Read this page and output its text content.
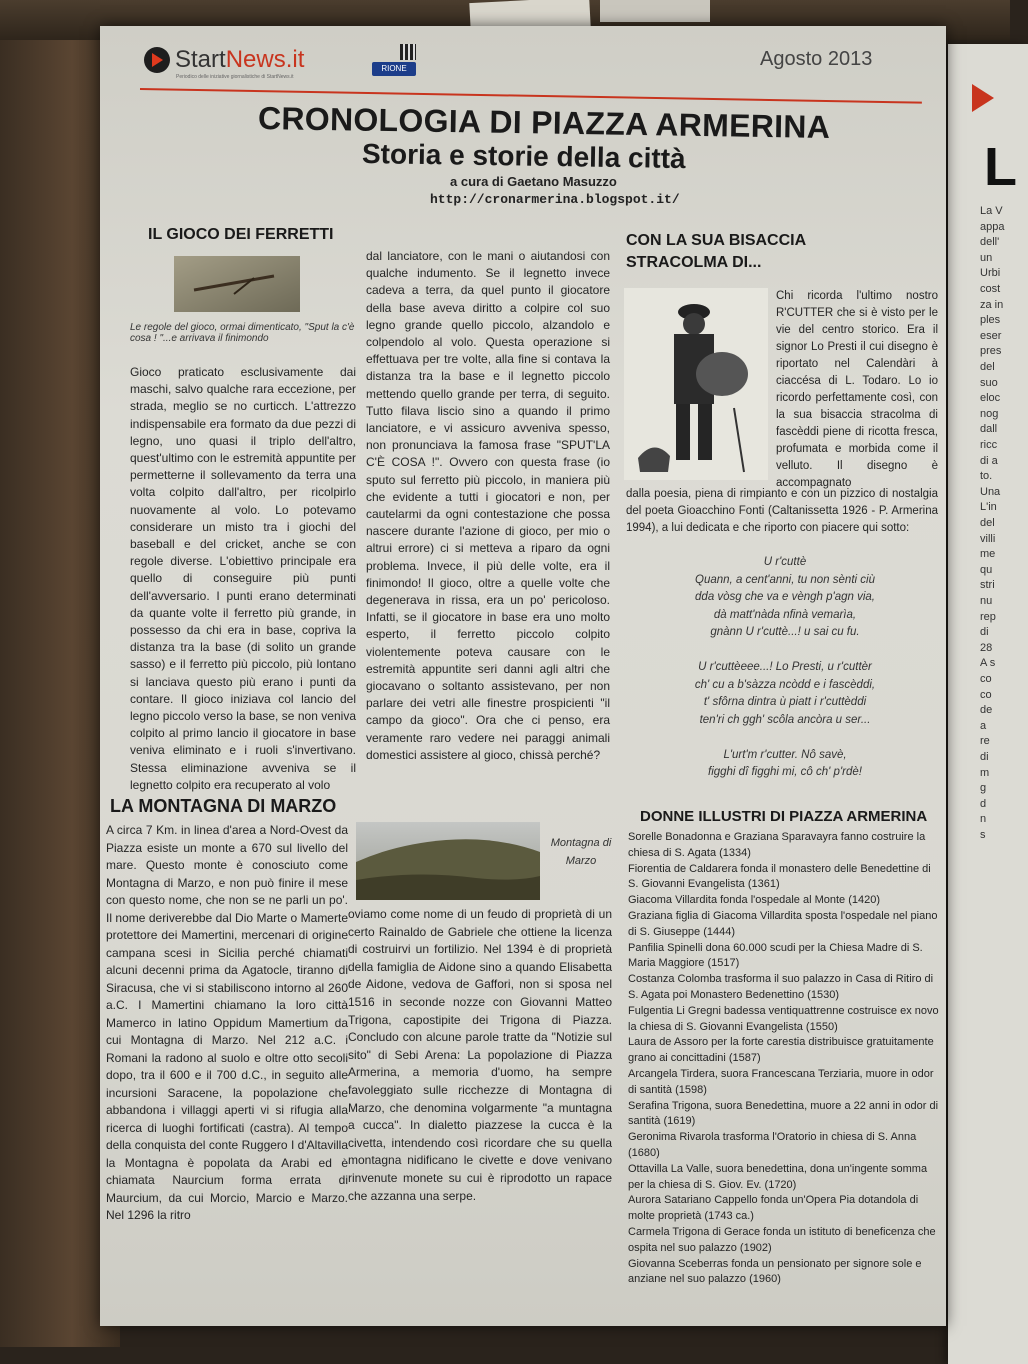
L
La V
appa
dell'
un
Urbi
cost
za in
ples
eser
pres
del
suo
eloc
nog
dall
ricc
di a
to.
Una
L'in
del
villi
me
qu
stri
nu
rep
di
28
A s
co
co
de
a
re
di
m
g
d
n
s
StartNews.it
Periodico delle iniziative giornalistiche di StartNews.it
RIONE	Agosto 2013
CRONOLOGIA DI PIAZZA ARMERINA
Storia e storie della città
a cura di Gaetano Masuzzo
http://cronarmerina.blogspot.it/
IL GIOCO DEI FERRETTI
Le regole del gioco, ormai dimenticato, "Sput la c'è cosa ! "...e arrivava il finimondo
Gioco praticato esclusivamente dai maschi, salvo qualche rara eccezione, per strada, meglio se no curticch. L'attrezzo indispensabile era formato da due pezzi di legno, uno quasi il triplo dell'altro, quest'ultimo con le estremità appuntite per permetterne il sollevamento da terra una volta colpito dall'altro, per ricolpirlo nuovamente al volo. Lo potevamo considerare un misto tra i giochi del baseball e del cricket, anche se con regole diverse. L'obiettivo principale era quello di conseguire più punti dell'avversario. I punti erano determinati da quante volte il ferretto più grande, in possesso da chi era in base, copriva la distanza tra la base (di solito un grande sasso) e il ferretto più piccolo, più lontano si lanciava questo più erano i punti da contare. Il gioco iniziava col lancio del legno piccolo verso la base, se non veniva colpito al primo lancio il giocatore in base veniva eliminato e i ruoli s'invertivano. Stessa eliminazione avveniva se il legnetto colpito era recuperato al volo
dal lanciatore, con le mani o aiutandosi con qualche indumento. Se il legnetto invece cadeva a terra, da quel punto il giocatore della base aveva diritto a colpire col suo legno grande quello piccolo, alzandolo e colpendolo al volo. Questa operazione si effettuava per tre volte, alla fine si contava la distanza tra la base e il legnetto piccolo mettendo quello grande per terra, di seguito. Tutto filava liscio sino a quando il primo lanciatore, e vi assicuro avveniva spesso, non pronunciava la famosa frase "SPUT'LA C'È COSA !". Ovvero con questa frase (io sputo sul ferretto più piccolo, in maniera più che evidente a tutti i giocatori e non, per cautelarmi da ogni contestazione che possa nascere durante l'azione di gioco, per mio o altrui errore) ci si metteva a riparo da ogni problema. Invece, il più delle volte, era il finimondo! Il gioco, oltre a quelle volte che degenerava in rissa, era un po' pericoloso. Infatti, se il giocatore in base era uno molto esperto, il ferretto piccolo colpito violentemente poteva causare con le estremità appuntite seri danni agli altri che giocavano o soltanto assistevano, per non parlare dei vetri alle finestre prospicienti "il campo da gioco". Ora che ci penso, era veramente raro vedere nei paraggi animali domestici assistere al gioco, chissà perché?
CON LA SUA BISACCIA
STRACOLMA DI...
Chi ricorda l'ultimo nostro R'CUTTER che si è visto per le vie del centro storico. Era il signor Lo Presti il cui disegno è riportato nel Calendàri à ciaccésa di L. Todaro. Lo io ricordo perfettamente così, con la sua bisaccia stracolma di fascèddi piene di ricotta fresca, profumata e morbida come il velluto. Il disegno è accompagnato
dalla poesia, piena di rimpianto e con un pizzico di nostalgia del poeta Gioacchino Fonti (Caltanissetta 1926 - P. Armerina 1994), a lui dedicata e che riporto con piacere qui sotto:
U r'cuttè
Quann, a cent'anni, tu non sènti ciù
dda vòsg che va e vèngh p'agn via,
dà matt'nàda nfinà vemarìa,
gnànn U r'cuttè...! u sai cu fu.

U r'cuttèeee...! Lo Presti, u r'cuttèr
ch' cu a b'sàzza ncòdd e i fascèddi,
t' sfôrna dintra ù piatt i r'cuttèddi
ten'ri ch ggh' scôla ancòra u ser...

L'urt'm r'cutter. Nô savè,
figghi dî figghi mi, cô ch' p'rdè!
LA MONTAGNA DI MARZO
Montagna di Marzo
A circa 7 Km. in linea d'area a Nord-Ovest da Piazza esiste un monte a 670 sul livello del mare. Questo monte è conosciuto come Montagna di Marzo, e non può finire il mese con questo nome, che non se ne parli un po'. Il nome deriverebbe dal Dio Marte o Mamerte protettore dei Mamertini, mercenari di origine campana scesi in Sicilia perché chiamati alcuni decenni prima da Agatocle, tiranno di Siracusa, che vi si stabiliscono intorno al 260 a.C. I Mamertini chiamano la loro città Mamerco in latino Oppidum Mamertium da cui Montagna di Marzo. Nel 212 a.C. i Romani la radono al suolo e oltre otto secoli dopo, tra il 600 e il 700 d.C., in seguito alle incursioni Saracene, la popolazione che abbandona i villaggi aperti vi si rifugia alla ricerca di luoghi fortificati (castra). Al tempo della conquista del conte Ruggero I d'Altavilla la Montagna è popolata da Arabi ed è chiamata Naurcium forma errata di Maurcium, da cui Morcio, Marcio e Marzo. Nel 1296 la ritro
oviamo come nome di un feudo di proprietà di un certo Rainaldo de Gabriele che ottiene la licenza di costruirvi un fortilizio. Nel 1394 è di proprietà della famiglia de Aidone sino a quando Elisabetta de Aidone, vedova de Gaffori, non si sposa nel 1516 in seconde nozze con Giovanni Matteo Trigona, capostipite dei Trigona di Piazza. Concludo con alcune parole tratte da "Notizie sul sito" di Sebi Arena: La popolazione di Piazza Armerina, a memoria d'uomo, ha sempre favoleggiato sulle ricchezze di Montagna di Marzo, che denomina volgarmente "a muntagna a cucca". In dialetto piazzese la cucca è la civetta, intendendo così ricordare che su quella montagna nidificano le civette e dove venivano rinvenute monete su cui è riprodotto un rapace che azzanna una serpe.
DONNE ILLUSTRI DI PIAZZA ARMERINA
Sorelle Bonadonna e Graziana Sparavayra fanno costruire la chiesa di S. Agata (1334)
Fiorentia de Caldarera fonda il monastero delle Benedettine di S. Giovanni Evangelista (1361)
Giacoma Villardita fonda l'ospedale al Monte (1420)
Graziana figlia di Giacoma Villardita sposta l'ospedale nel piano di S. Giuseppe (1444)
Panfilia Spinelli dona 60.000 scudi per la Chiesa Madre di S. Maria Maggiore (1517)
Costanza Colomba trasforma il suo palazzo in Casa di Ritiro di S. Agata poi Monastero Bedenettino (1530)
Fulgentia Li Gregni badessa ventiquattrenne costruisce ex novo la chiesa di S. Giovanni Evangelista (1550)
Laura de Assoro per la forte carestia distribuisce gratuitamente grano ai concittadini (1587)
Arcangela Tirdera, suora Francescana Terziaria, muore in odor di santità (1598)
Serafina Trigona, suora Benedettina, muore a 22 anni in odor di santità (1619)
Geronima Rivarola trasforma l'Oratorio in chiesa di S. Anna (1680)
Ottavilla La Valle, suora benedettina, dona un'ingente somma per la chiesa di S. Giov. Ev. (1720)
Aurora Satariano Cappello fonda un'Opera Pia dotandola di molte proprietà (1743 ca.)
Carmela Trigona di Gerace fonda un istituto di beneficenza che ospita nel suo palazzo (1902)
Giovanna Sceberras fonda un pensionato per signore sole e anziane nel suo palazzo (1960)
